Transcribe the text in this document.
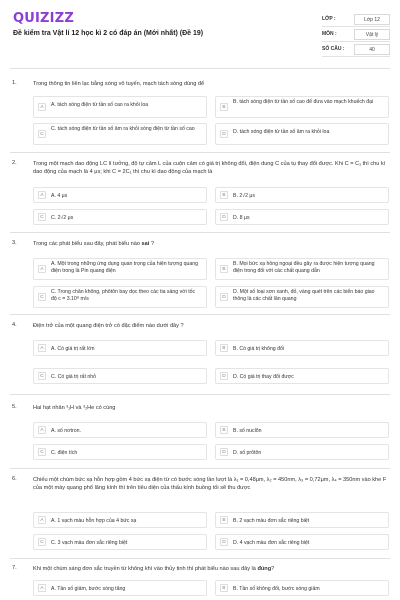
QUIZIZZ
Đề kiểm tra Vật lí 12 học kì 2 có đáp án (Mới nhất) (Đề 19)
LỚP :	Lớp 12
MÔN :	Vật lý
SỐ CÂU :	40
1.	Trong thông tin liên lạc bằng sóng vô tuyến, mạch tách sóng dùng để
A	A. tách sóng điện từ tần số cao ra khỏi loa	B
B. tách sóng điện từ tần số cao để đưa vào mạch khuếch đại
C
C. tách sóng điện từ tần số âm ra khỏi sóng điện từ tần số cao
D	D. tách sóng điện từ tần số âm ra khỏi loa
2.	Trong một mạch dao động LC lí tưởng, độ tự cảm L của cuộn cảm có giá trị không đổi, điện dung C của tụ thay đổi được. Khi C = C₁ thì chu kì dao động của mạch là 4 μs; khi C = 2C₁ thì chu kì dao động của mạch là
A	A. 4 μs	B	B. 2√2 μs
C	C. 2√2 μs	D	D. 8 μs
3.	Trong các phát biểu sau đây, phát biểu nào sai ?
A
A. Một trong những ứng dụng quan trọng của hiện tượng quang điện trong là Pin quang điện	B
B. Mọi bức xạ hồng ngoại đều gây ra được hiện tượng quang điện trong đối với các chất quang dẫn
C
C. Trong chân không, phôtôn bay dọc theo các tia sáng với tốc độ c = 3.10⁸ m/s	D
D. Một số loại sơn xanh, đỏ, vàng quét trên các biển báo giao thông là các chất lân quang
4.	Điện trở của một quang điện trở có đặc điểm nào dưới đây ?
A	A. Có giá trị rất lớn	B	B. Có giá trị không đổi
C	C. Có giá trị rất nhỏ	D	D. Có giá trị thay đổi được
5.	Hai hạt nhân ³₁H và ³₂He có cùng
A	A. số nơtron.	B	B. số nuclôn
C	C. điện tích	D	D. số prôtôn
6.	Chiếu một chùm bức xạ hỗn hợp gồm 4 bức xạ điện từ có bước sóng lần lượt là λ₁ = 0,48μm, λ₂ = 450nm, λ₃ = 0,72μm, λ₄ = 350nm vào khe F của một máy quang phổ lăng kính thì trên tiêu diện của thấu kính buồng tối sẽ thu được
A	A. 1 vạch màu hỗn hợp của 4 bức xạ	B	B. 2 vạch màu đơn sắc riêng biệt
C	C. 3 vạch màu đơn sắc riêng biệt	D	D. 4 vạch màu đơn sắc riêng biệt
7.	Khi một chùm sáng đơn sắc truyền từ không khí vào thủy tinh thì phát biểu nào sau đây là đúng?
A	A. Tần số giảm, bước sóng tăng	B	B. Tần số không đổi, bước sóng giảm
